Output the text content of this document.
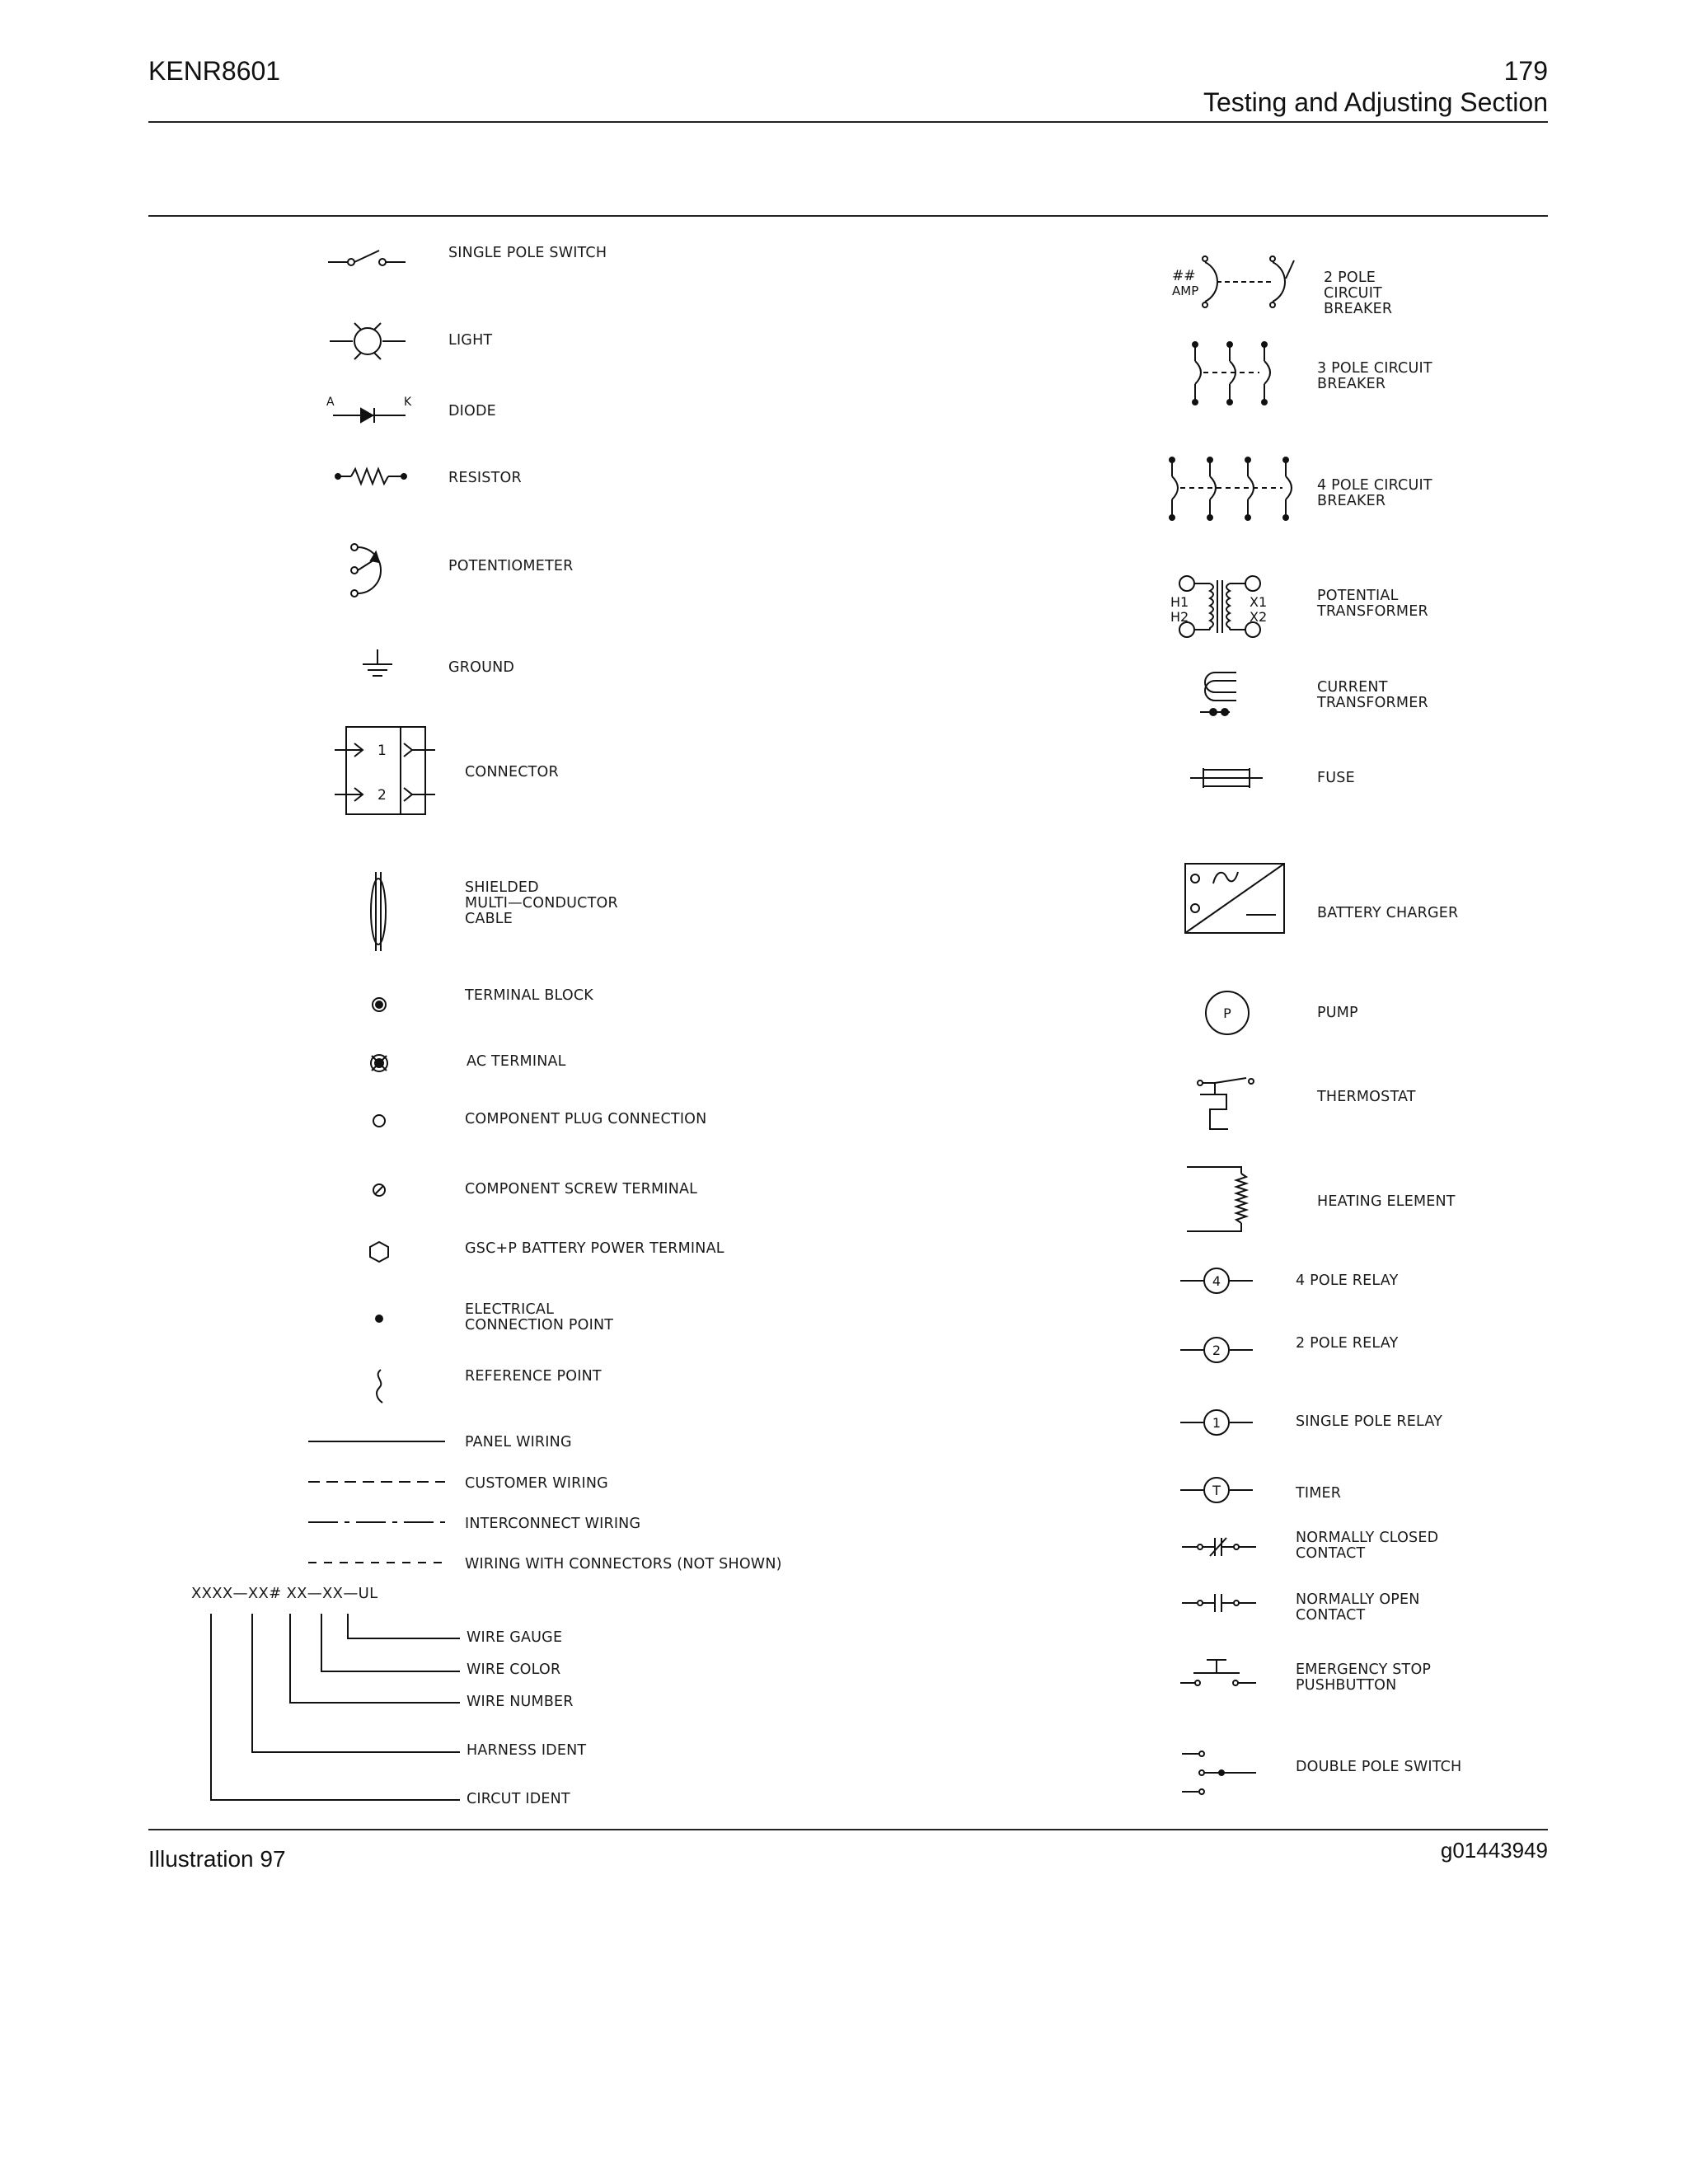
KENR8601	179
Testing and Adjusting Section
SINGLE POLE SWITCH
LIGHT
A	K
DIODE
RESISTOR
POTENTIOMETER
GROUND
1
2
CONNECTOR
SHIELDED
MULTI—CONDUCTOR
CABLE
TERMINAL BLOCK
AC TERMINAL
COMPONENT PLUG CONNECTION
COMPONENT SCREW TERMINAL
GSC+P BATTERY POWER TERMINAL
ELECTRICAL
CONNECTION POINT
REFERENCE POINT
PANEL WIRING
CUSTOMER WIRING
INTERCONNECT WIRING
WIRING WITH CONNECTORS (NOT SHOWN)
XXXX—XX# XX—XX—UL
WIRE GAUGE
WIRE COLOR
WIRE NUMBER
HARNESS IDENT
CIRCUT IDENT
##
AMP
2 POLE
CIRCUIT
BREAKER
3 POLE CIRCUIT
BREAKER
4 POLE CIRCUIT
BREAKER
H1
H2
X1
X2
POTENTIAL
TRANSFORMER
CURRENT
TRANSFORMER
FUSE
BATTERY CHARGER
P	PUMP
THERMOSTAT
HEATING ELEMENT
4	4 POLE RELAY
2	2 POLE RELAY
1	SINGLE POLE RELAY
T	TIMER
NORMALLY CLOSED
CONTACT
NORMALLY OPEN
CONTACT
EMERGENCY STOP
PUSHBUTTON
DOUBLE POLE SWITCH
Illustration 97	g01443949
